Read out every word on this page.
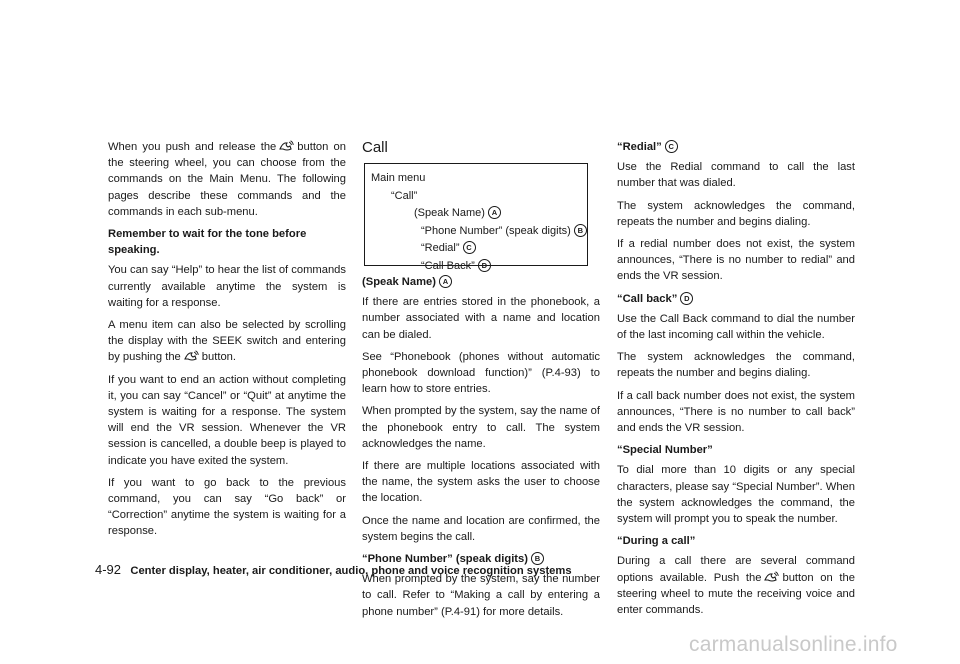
When you push and release the button on the steering wheel, you can choose from the commands on the Main Menu. The following pages describe these commands and the commands in each sub-menu.

Remember to wait for the tone before speaking.

You can say “Help” to hear the list of commands currently available anytime the system is waiting for a response.

A menu item can also be selected by scrolling the display with the SEEK switch and entering by pushing the button.

If you want to end an action without completing it, you can say “Cancel” or “Quit” at anytime the system is waiting for a response. The system will end the VR session. Whenever the VR session is cancelled, a double beep is played to indicate you have exited the system.

If you want to go back to the previous command, you can say “Go back” or “Correction” anytime the system is waiting for a response.

Call
Main menu
“Call”
(Speak Name) A
“Phone Number” (speak digits) B
“Redial” C
“Call Back” D

(Speak Name) A

If there are entries stored in the phonebook, a number associated with a name and location can be dialed.

See “Phonebook (phones without automatic phonebook download function)” (P.4-93) to learn how to store entries.

When prompted by the system, say the name of the phonebook entry to call. The system acknowledges the name.

If there are multiple locations associated with the name, the system asks the user to choose the location.

Once the name and location are confirmed, the system begins the call.

“Phone Number” (speak digits) B

When prompted by the system, say the number to call. Refer to “Making a call by entering a phone number” (P.4-91) for more details.

“Redial” C

Use the Redial command to call the last number that was dialed.

The system acknowledges the command, repeats the number and begins dialing.

If a redial number does not exist, the system announces, “There is no number to redial” and ends the VR session.

“Call back” D

Use the Call Back command to dial the number of the last incoming call within the vehicle.

The system acknowledges the command, repeats the number and begins dialing.

If a call back number does not exist, the system announces, “There is no number to call back” and ends the VR session.

“Special Number”

To dial more than 10 digits or any special characters, please say “Special Number”. When the system acknowledges the command, the system will prompt you to speak the number.

“During a call”

During a call there are several command options available. Push the button on the steering wheel to mute the receiving voice and enter commands.

4-92 Center display, heater, air conditioner, audio, phone and voice recognition systems
carmanualsonline.info
